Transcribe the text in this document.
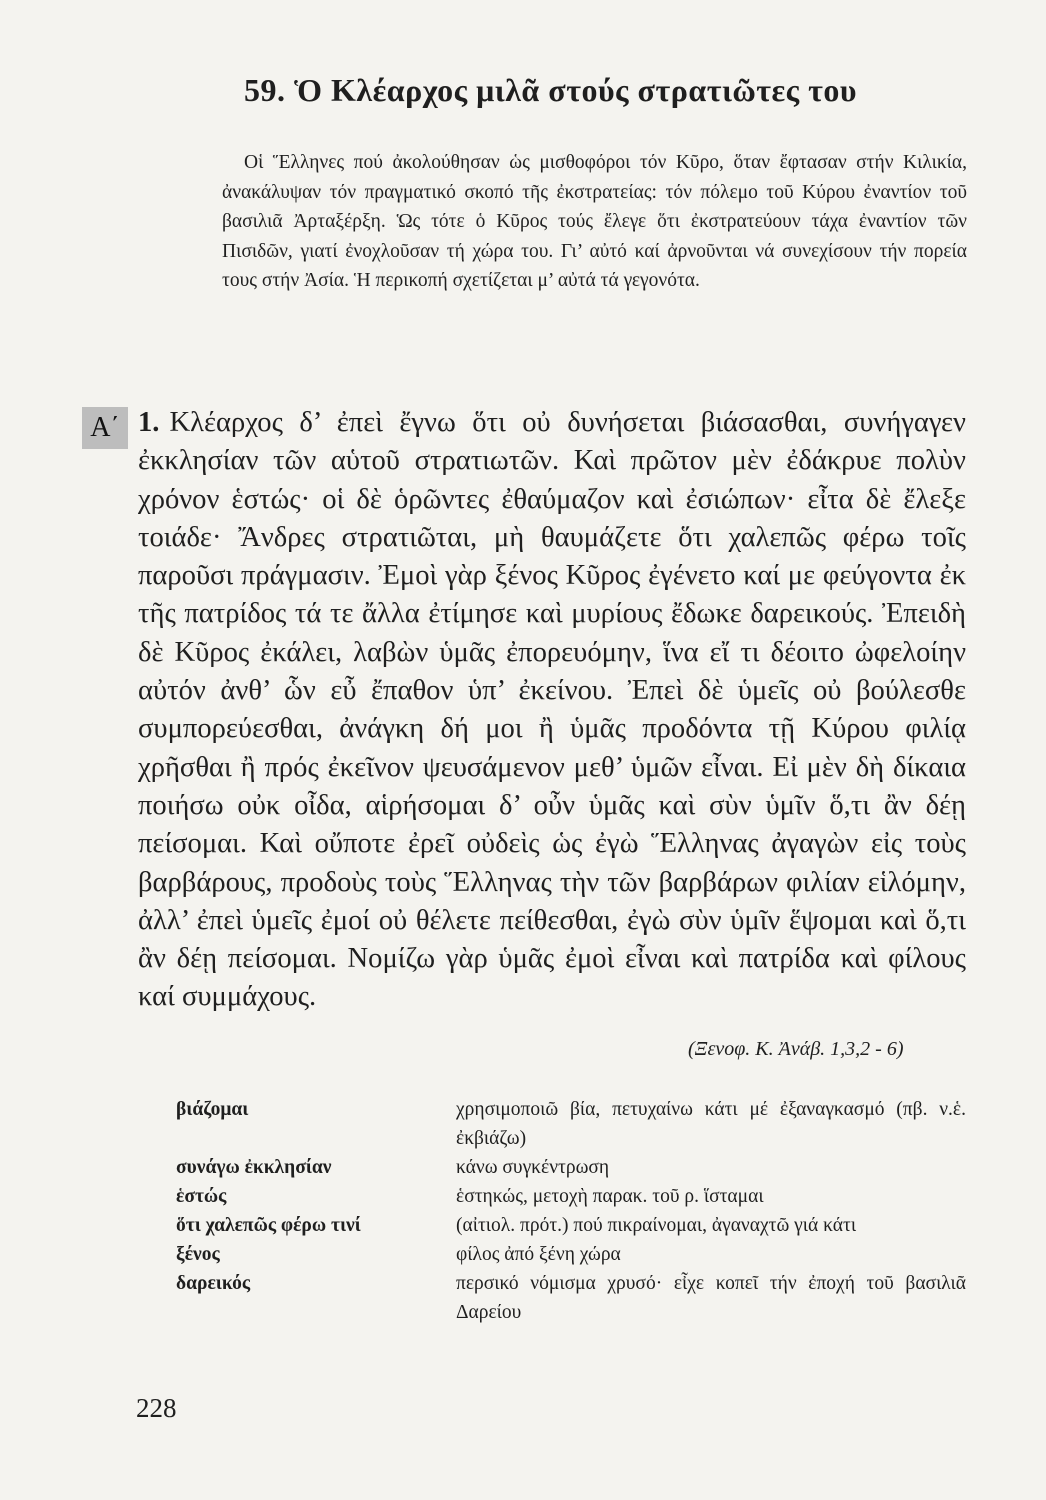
59. Ὁ Κλέαρχος μιλᾶ στούς στρατιῶτες του
Οἱ Ἕλληνες πού ἀκολούθησαν ὡς μισθοφόροι τόν Κῦρο, ὅταν ἔφτασαν στήν Κιλικία, ἀνακάλυψαν τόν πραγματικό σκοπό τῆς ἐκστρατείας: τόν πόλεμο τοῦ Κύρου ἐναντίον τοῦ βασιλιᾶ Ἀρταξέρξη. Ὡς τότε ὁ Κῦρος τούς ἔλεγε ὅτι ἐκστρατεύουν τάχα ἐναντίον τῶν Πισιδῶν, γιατί ἐνοχλοῦσαν τή χώρα του. Γι’ αὐτό καί ἀρνοῦνται νά συνεχίσουν τήν πορεία τους στήν Ἀσία. Ἡ περικοπή σχετίζεται μ’ αὐτά τά γεγονότα.
Α΄ 1. Κλέαρχος δ’ ἐπεὶ ἔγνω ὅτι οὐ δυνήσεται βιάσασθαι, συνήγαγεν ἐκκλησίαν τῶν αὑτοῦ στρατιωτῶν. Καὶ πρῶτον μὲν ἐδάκρυε πολὺν χρόνον ἑστώς· οἱ δὲ ὁρῶντες ἐθαύμαζον καὶ ἐσιώπων· εἶτα δὲ ἔλεξε τοιάδε· Ἄνδρες στρατιῶται, μὴ θαυμάζετε ὅτι χαλεπῶς φέρω τοῖς παροῦσι πράγμασιν. Ἐμοὶ γὰρ ξένος Κῦρος ἐγένετο καί με φεύγοντα ἐκ τῆς πατρίδος τά τε ἄλλα ἐτίμησε καὶ μυρίους ἔδωκε δαρεικούς. Ἐπειδὴ δὲ Κῦρος ἐκάλει, λαβὼν ὑμᾶς ἐπορευόμην, ἵνα εἴ τι δέοιτο ὠφελοίην αὐτόν ἀνθ’ ὧν εὖ ἔπαθον ὑπ’ ἐκείνου. Ἐπεὶ δὲ ὑμεῖς οὐ βούλεσθε συμπορεύεσθαι, ἀνάγκη δή μοι ἢ ὑμᾶς προδόντα τῇ Κύρου φιλίᾳ χρῆσθαι ἢ πρός ἐκεῖνον ψευσάμενον μεθ’ ὑμῶν εἶναι. Εἰ μὲν δὴ δίκαια ποιήσω οὐκ οἶδα, αἱρήσομαι δ’ οὖν ὑμᾶς καὶ σὺν ὑμῖν ὅ,τι ἂν δέῃ πείσομαι. Καὶ οὔποτε ἐρεῖ οὐδεὶς ὡς ἐγὼ Ἕλληνας ἀγαγὼν εἰς τοὺς βαρβάρους, προδοὺς τοὺς Ἕλληνας τὴν τῶν βαρβάρων φιλίαν εἱλόμην, ἀλλ’ ἐπεὶ ὑμεῖς ἐμοί οὐ θέλετε πείθεσθαι, ἐγὼ σὺν ὑμῖν ἕψομαι καὶ ὅ,τι ἂν δέῃ πείσομαι. Νομίζω γὰρ ὑμᾶς ἐμοὶ εἶναι καὶ πατρίδα καὶ φίλους καί συμμάχους.
(Ξενοφ. Κ. Ἀνάβ. 1,3,2 - 6)
βιάζομαι	χρησιμοποιῶ βία, πετυχαίνω κάτι μέ ἐξαναγκασμό (πβ. ν.ἑ. ἐκβιάζω)
συνάγω ἐκκλησίαν	κάνω συγκέντρωση
ἑστώς	ἑστηκώς, μετοχὴ παρακ. τοῦ ρ. ἵσταμαι
ὅτι χαλεπῶς φέρω τινί	(αἰτιολ. πρότ.) πού πικραίνομαι, ἀγαναχτῶ γιά κάτι
ξένος	φίλος ἀπό ξένη χώρα
δαρεικός	περσικό νόμισμα χρυσό· εἶχε κοπεῖ τήν ἐποχή τοῦ βασιλιᾶ Δαρείου
228
